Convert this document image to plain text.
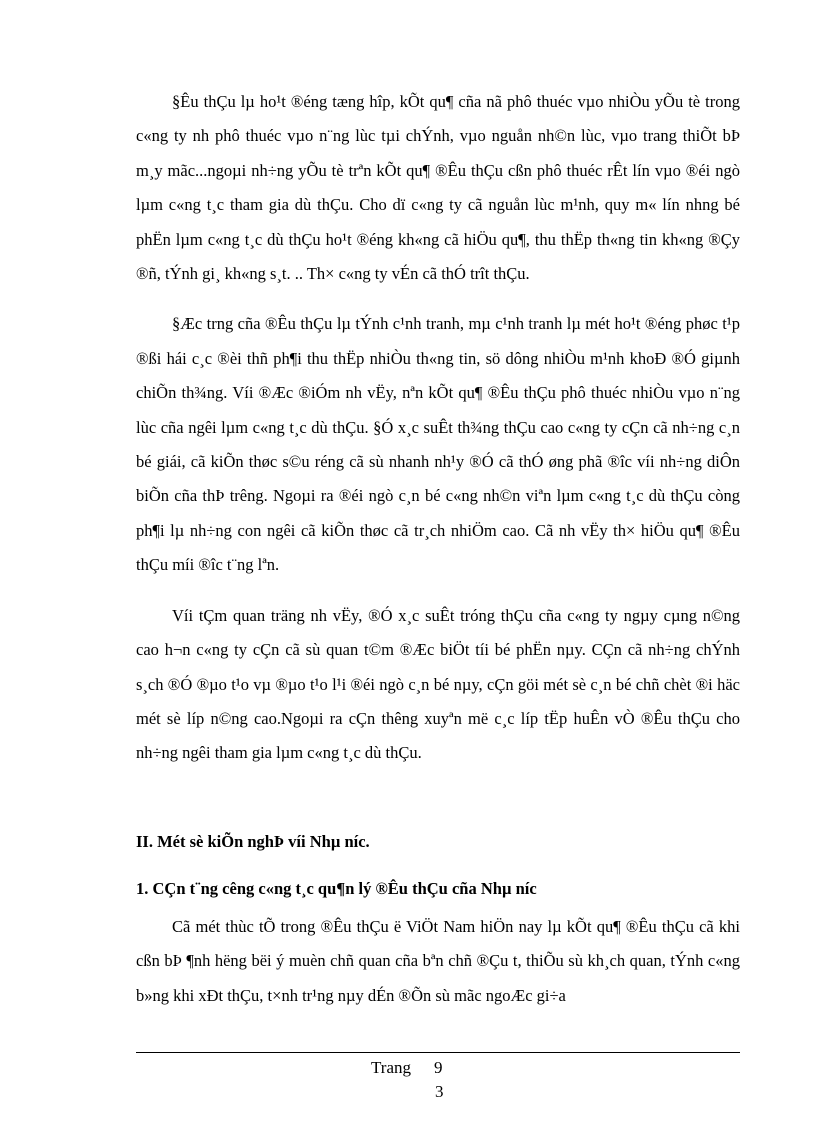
§Êu thÇu lµ ho¹t ®éng tæng hîp, kÕt qu¶ cña nã phô thuéc vµo nhiÒu yÕu tè trong c«ng ty nh phô thuéc vµo n¨ng lùc tµi chÝnh, vµo nguån nh©n lùc, vµo trang thiÕt bÞ m¸y mãc...ngoµi nh÷ng yÕu tè trªn kÕt qu¶ ®Êu thÇu cßn phô thuéc rÊt lín vµo ®éi ngò lµm c«ng t¸c tham gia dù thÇu. Cho dï c«ng ty cã nguån lùc m¹nh, quy m« lín nhng bé phËn lµm c«ng t¸c dù thÇu ho¹t ®éng kh«ng cã hiÖu qu¶, thu thËp th«ng tin kh«ng ®Çy ®ñ, tÝnh gi¸ kh«ng s¸t. .. Th× c«ng ty vÉn cã thÓ trît thÇu.

§Æc trng cña ®Êu thÇu lµ tÝnh c¹nh tranh, mµ c¹nh tranh lµ mét ho¹t ®éng phøc t¹p ®ßi hái c¸c ®èi thñ ph¶i thu thËp nhiÒu th«ng tin, sö dông nhiÒu m¹nh khoÐ ®Ó giµnh chiÕn th¾ng. Víi ®Æc ®iÓm nh vËy, nªn kÕt qu¶ ®Êu thÇu phô thuéc nhiÒu vµo n¨ng lùc cña ngêi lµm c«ng t¸c dù thÇu. §Ó x¸c suÊt th¾ng thÇu cao c«ng ty cÇn cã nh÷ng c¸n bé giái, cã kiÕn thøc s©u réng cã sù nhanh nh¹y ®Ó cã thÓ øng phã ®îc víi nh÷ng diÔn biÕn cña thÞ trêng. Ngoµi ra ®éi ngò c¸n bé c«ng nh©n viªn lµm c«ng t¸c dù thÇu còng ph¶i lµ nh÷ng con ngêi cã kiÕn thøc cã tr¸ch nhiÖm cao. Cã nh vËy th× hiÖu qu¶ ®Êu thÇu míi ®îc t¨ng lªn.

Víi tÇm quan träng nh vËy, ®Ó x¸c suÊt tróng thÇu cña c«ng ty ngµy cµng n©ng cao h¬n c«ng ty cÇn cã sù quan t©m ®Æc biÖt tíi bé phËn nµy. CÇn cã nh÷ng chÝnh s¸ch ®Ó ®µo t¹o vµ ®µo t¹o l¹i ®éi ngò c¸n bé nµy, cÇn göi mét sè c¸n bé chñ chèt ®i häc mét sè líp n©ng cao.Ngoµi ra cÇn thêng xuyªn më c¸c líp tËp huÊn vÒ ®Êu thÇu cho nh÷ng ngêi tham gia lµm c«ng t¸c dù thÇu.

II. Mét sè kiÕn nghÞ víi Nhµ níc.

1. CÇn t¨ng cêng c«ng t¸c qu¶n lý ®Êu thÇu cña Nhµ níc

Cã mét thùc tÕ trong ®Êu thÇu ë ViÖt Nam hiÖn nay lµ kÕt qu¶ ®Êu thÇu cã khi cßn bÞ ¶nh hëng bëi ý muèn chñ quan cña bªn chñ ®Çu t, thiÕu sù kh¸ch quan, tÝnh c«ng b»ng khi xÐt thÇu, t×nh tr¹ng nµy dÉn ®Õn sù mãc ngoÆc gi÷a

Trang 9
3
